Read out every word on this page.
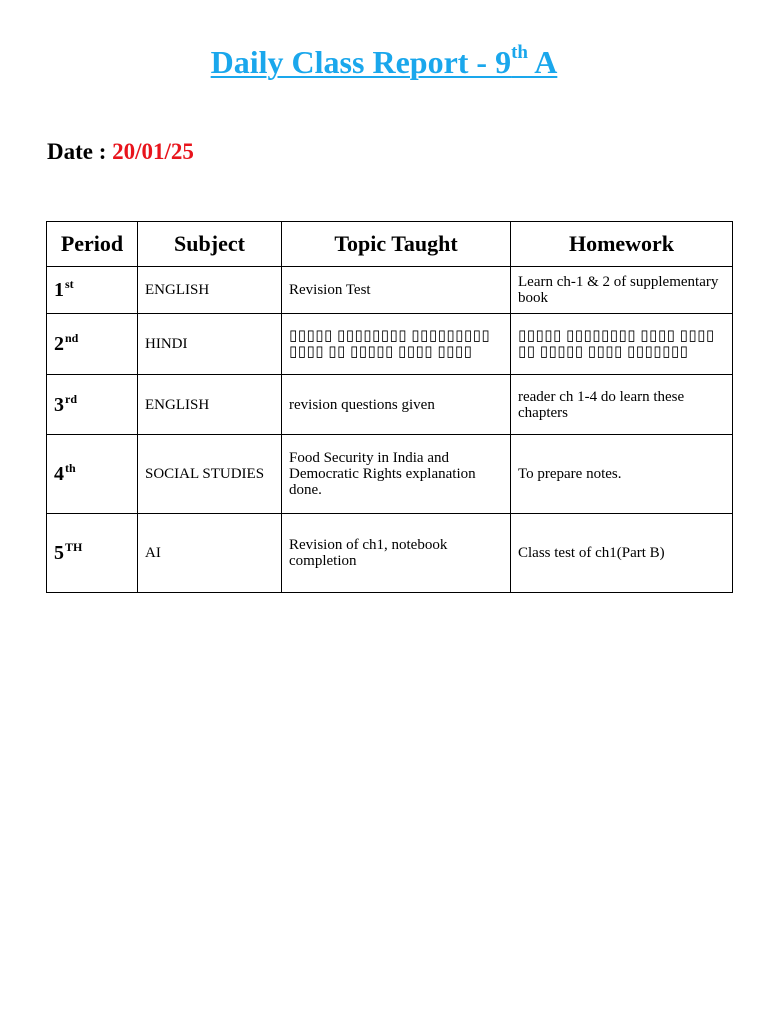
Daily Class Report - 9th A
Date : 20/01/25
Period	Subject	Topic Taught	Homework
1st	ENGLISH	Revision Test	Learn ch-1 & 2 of supplementary book
2nd	HINDI	▯▯▯▯▯ ▯▯▯▯▯▯▯▯ ▯▯▯▯▯▯▯▯▯ ▯▯▯▯ ▯▯ ▯▯▯▯▯ ▯▯▯▯ ▯▯▯▯	▯▯▯▯▯ ▯▯▯▯▯▯▯▯ ▯▯▯▯ ▯▯▯▯ ▯▯ ▯▯▯▯▯ ▯▯▯▯ ▯▯▯▯▯▯▯
3rd	ENGLISH	revision questions given	reader ch 1-4 do learn these chapters
4th	SOCIAL STUDIES	Food Security in India and Democratic Rights explanation done.	To prepare notes.
5TH	AI	Revision of ch1, notebook completion	Class test of ch1(Part B)
